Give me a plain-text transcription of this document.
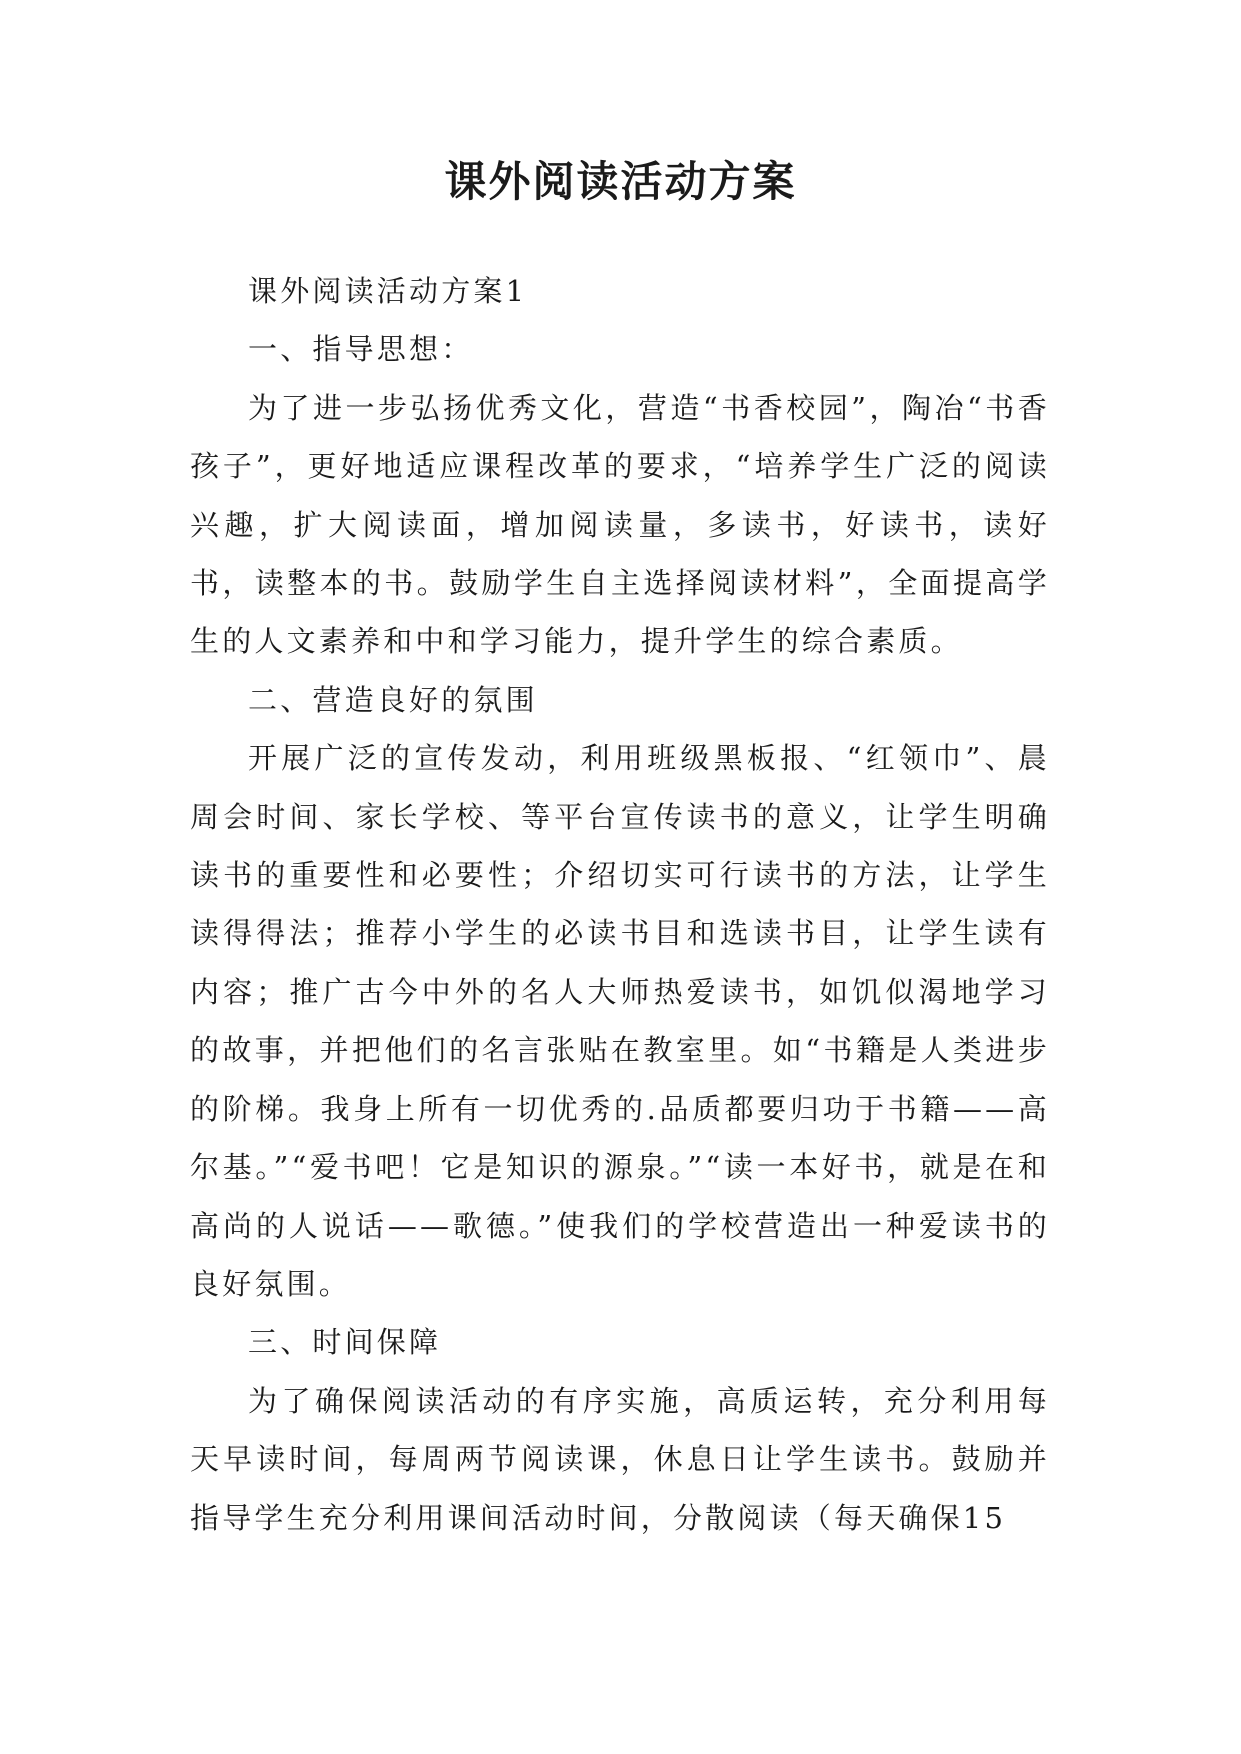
课外阅读活动方案

课外阅读活动方案1

一、指导思想：

为了进一步弘扬优秀文化，营造“书香校园”，陶冶“书香孩子”，更好地适应课程改革的要求，“培养学生广泛的阅读兴趣，扩大阅读面，增加阅读量，多读书，好读书，读好书，读整本的书。鼓励学生自主选择阅读材料”，全面提高学生的人文素养和中和学习能力，提升学生的综合素质。

二、营造良好的氛围

开展广泛的宣传发动，利用班级黑板报、“红领巾”、晨周会时间、家长学校、等平台宣传读书的意义，让学生明确读书的重要性和必要性；介绍切实可行读书的方法，让学生读得得法；推荐小学生的必读书目和选读书目，让学生读有内容；推广古今中外的名人大师热爱读书，如饥似渴地学习的故事，并把他们的名言张贴在教室里。如“书籍是人类进步的阶梯。我身上所有一切优秀的.品质都要归功于书籍——高尔基。”“爱书吧！它是知识的源泉。”“读一本好书，就是在和高尚的人说话——歌德。”使我们的学校营造出一种爱读书的良好氛围。

三、时间保障

为了确保阅读活动的有序实施，高质运转，充分利用每天早读时间，每周两节阅读课，休息日让学生读书。鼓励并指导学生充分利用课间活动时间，分散阅读（每天确保15
